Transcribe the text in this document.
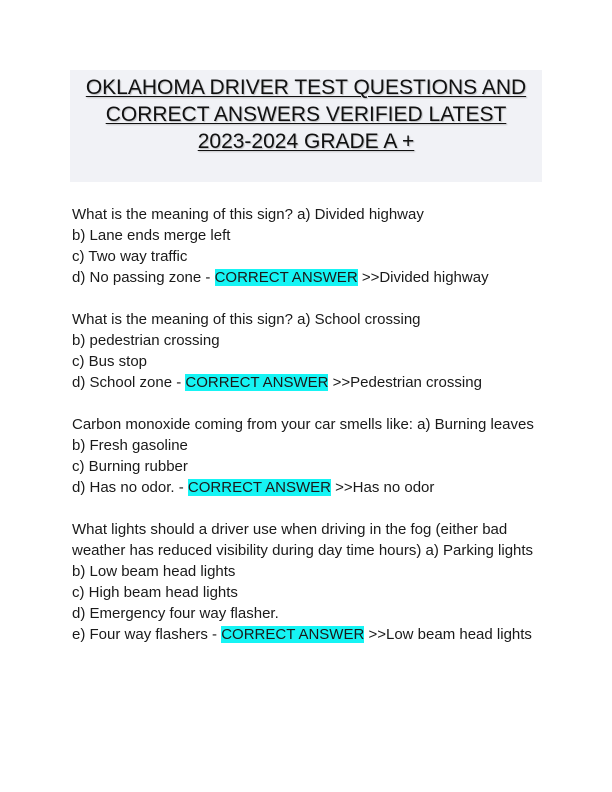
OKLAHOMA DRIVER TEST QUESTIONS AND
CORRECT ANSWERS VERIFIED LATEST
2023-2024 GRADE A +
What is the meaning of this sign? a) Divided highway
b) Lane ends merge left
c) Two way traffic
d) No passing zone - CORRECT ANSWER >>Divided highway
What is the meaning of this sign? a) School crossing
b) pedestrian crossing
c) Bus stop
d) School zone - CORRECT ANSWER >>Pedestrian crossing
Carbon monoxide coming from your car smells like: a) Burning leaves
b) Fresh gasoline
c) Burning rubber
d) Has no odor. - CORRECT ANSWER >>Has no odor
What lights should a driver use when driving in the fog (either bad weather has reduced visibility during day time hours) a) Parking lights
b) Low beam head lights
c) High beam head lights
d) Emergency four way flasher.
e) Four way flashers - CORRECT ANSWER >>Low beam head lights
